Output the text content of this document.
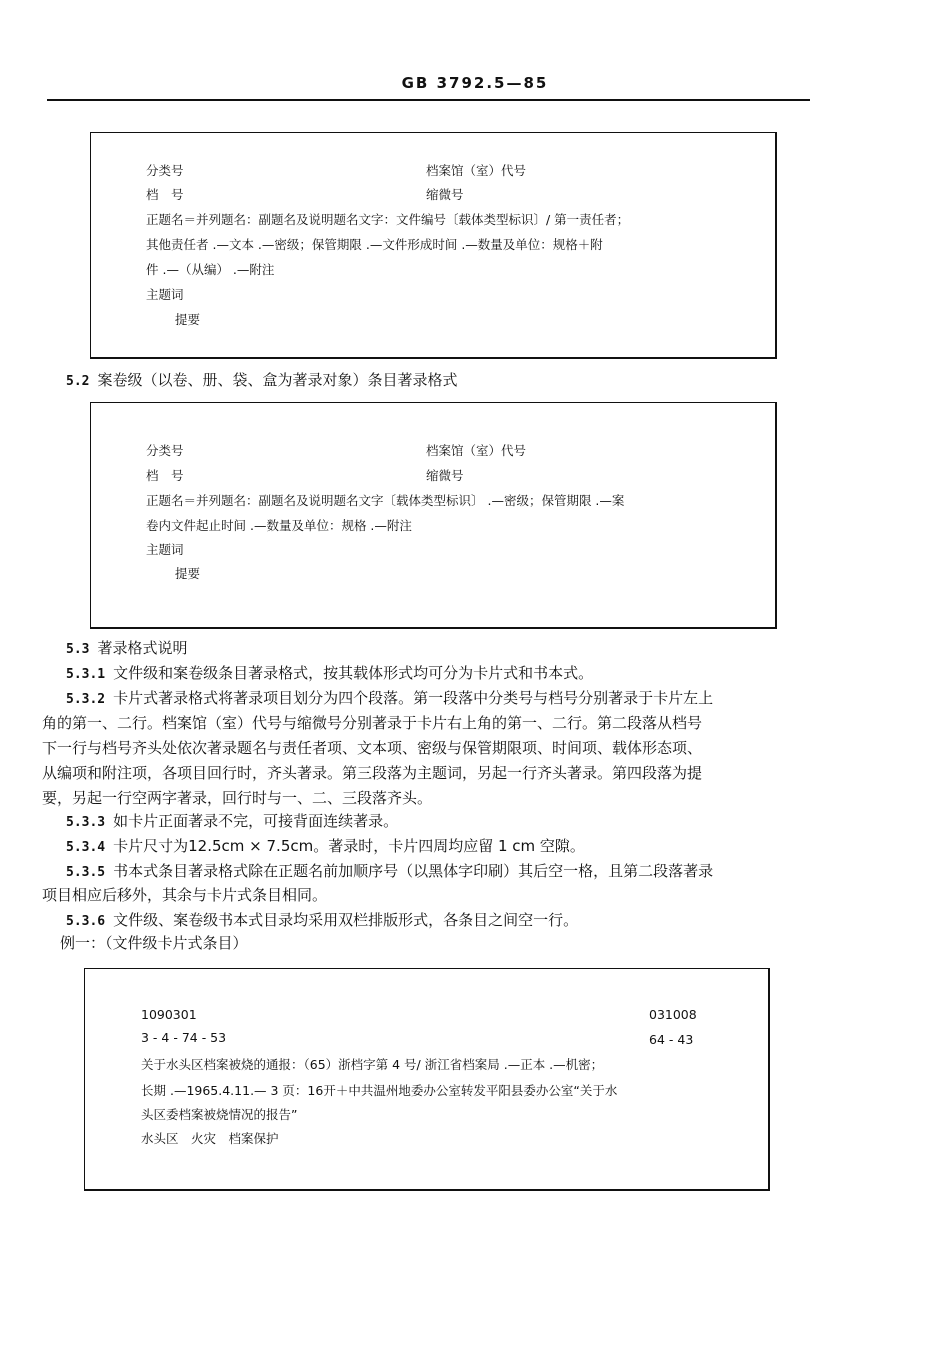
GB 3792.5—85
分类号	档案馆（室）代号
档　号	缩微号
正题名＝并列题名：副题名及说明题名文字：文件编号〔载体类型标识〕/ 第一责任者；
其他责任者 .—文本 .—密级；保管期限 .—文件形成时间 .—数量及单位：规格＋附
件 .—（从编） .—附注
主题词
提要
5.2 案卷级（以卷、册、袋、盒为著录对象）条目著录格式
分类号	档案馆（室）代号
档　号	缩微号
正题名＝并列题名：副题名及说明题名文字〔载体类型标识〕 .—密级；保管期限 .—案
卷内文件起止时间 .—数量及单位：规格 .—附注
主题词
提要
5.3 著录格式说明
5.3.1 文件级和案卷级条目著录格式，按其载体形式均可分为卡片式和书本式。
5.3.2 卡片式著录格式将著录项目划分为四个段落。第一段落中分类号与档号分别著录于卡片左上
角的第一、二行。档案馆（室）代号与缩微号分别著录于卡片右上角的第一、二行。第二段落从档号
下一行与档号齐头处依次著录题名与责任者项、文本项、密级与保管期限项、时间项、载体形态项、
从编项和附注项，各项目回行时，齐头著录。第三段落为主题词，另起一行齐头著录。第四段落为提
要，另起一行空两字著录，回行时与一、二、三段落齐头。
5.3.3 如卡片正面著录不完，可接背面连续著录。
5.3.4 卡片尺寸为12.5cm × 7.5cm。著录时，卡片四周均应留 1 cm 空隙。
5.3.5 书本式条目著录格式除在正题名前加顺序号（以黑体字印刷）其后空一格，且第二段落著录
项目相应后移外，其余与卡片式条目相同。
5.3.6 文件级、案卷级书本式目录均采用双栏排版形式，各条目之间空一行。
例一：（文件级卡片式条目）
1090301	031008
3 - 4 - 74 - 53	64 - 43
关于水头区档案被烧的通报：（65）浙档字第 4 号/ 浙江省档案局 .—正本 .—机密；
长期 .—1965.4.11.— 3 页：16开＋中共温州地委办公室转发平阳县委办公室“关于水
头区委档案被烧情况的报告”
水头区　火灾　档案保护
